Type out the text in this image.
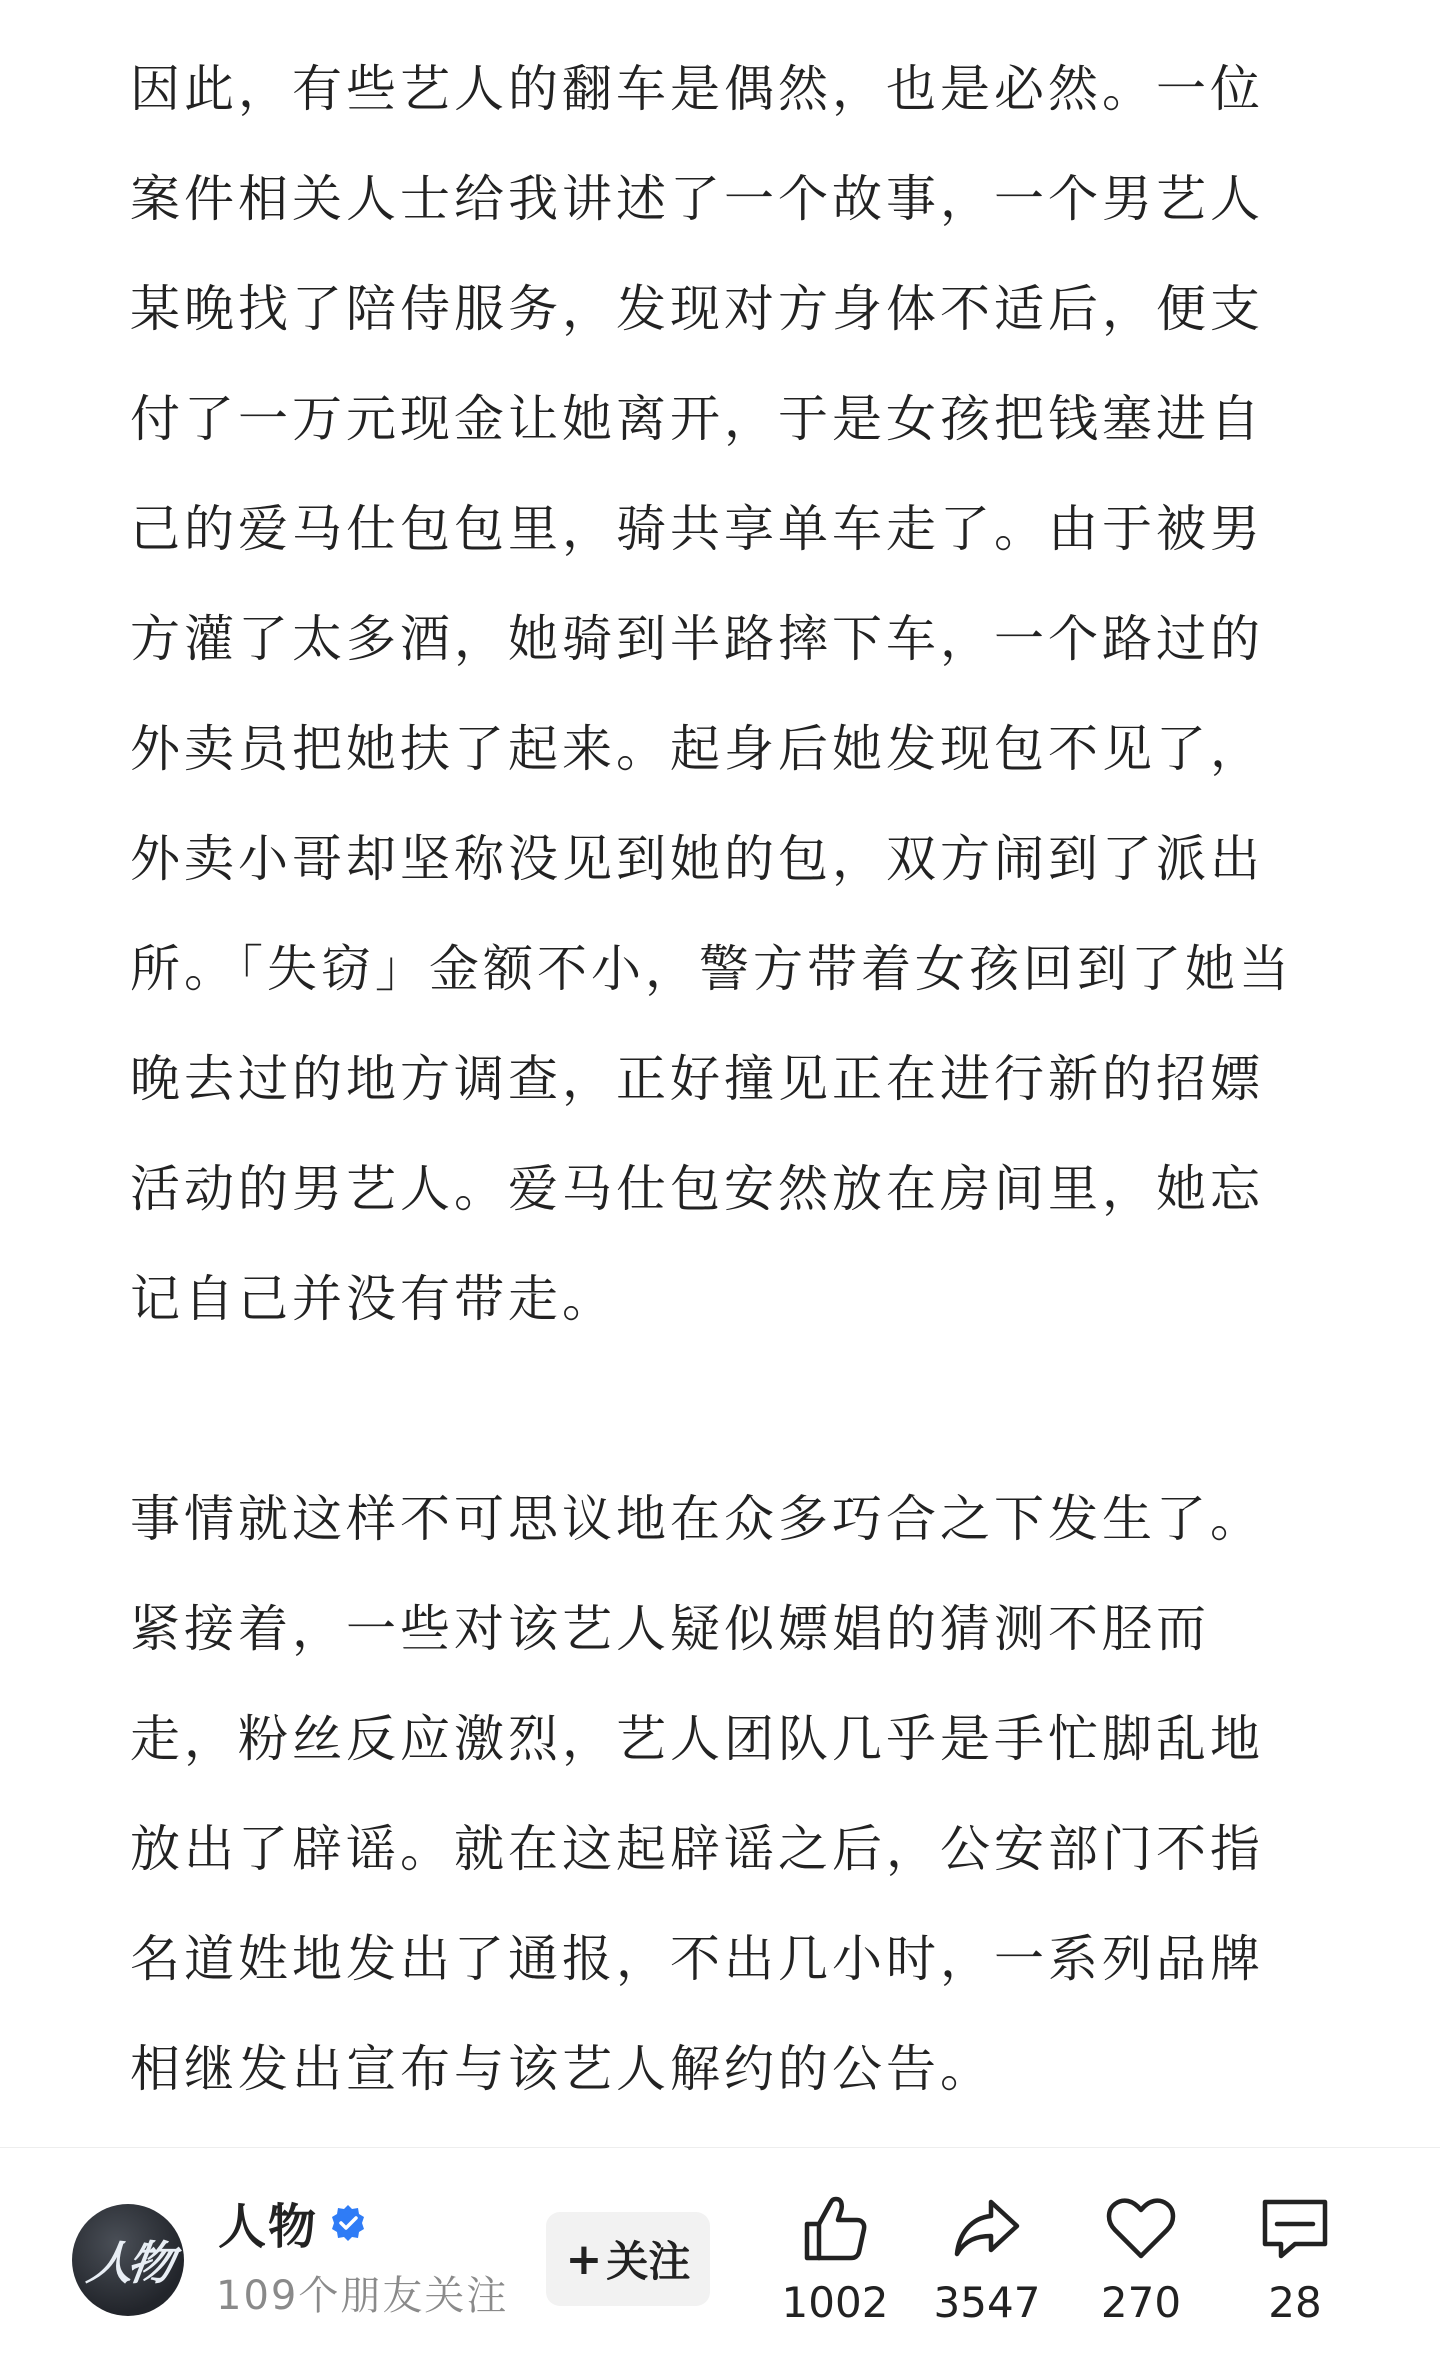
因此，有些艺人的翻车是偶然，也是必然。一位案件相关人士给我讲述了一个故事，一个男艺人某晚找了陪侍服务，发现对方身体不适后，便支付了一万元现金让她离开，于是女孩把钱塞进自己的爱马仕包包里，骑共享单车走了。由于被男方灌了太多酒，她骑到半路摔下车，一个路过的外卖员把她扶了起来。起身后她发现包不见了，外卖小哥却坚称没见到她的包，双方闹到了派出所。「失窃」金额不小，警方带着女孩回到了她当晚去过的地方调查，正好撞见正在进行新的招嫖活动的男艺人。爱马仕包安然放在房间里，她忘记自己并没有带走。

事情就这样不可思议地在众多巧合之下发生了。紧接着，一些对该艺人疑似嫖娼的猜测不胫而走，粉丝反应激烈，艺人团队几乎是手忙脚乱地放出了辟谣。就在这起辟谣之后，公安部门不指名道姓地发出了通报，不出几小时，一系列品牌相继发出宣布与该艺人解约的公告。

人物
人物
109个朋友关注
+ 关注
1002	3547	270	28
